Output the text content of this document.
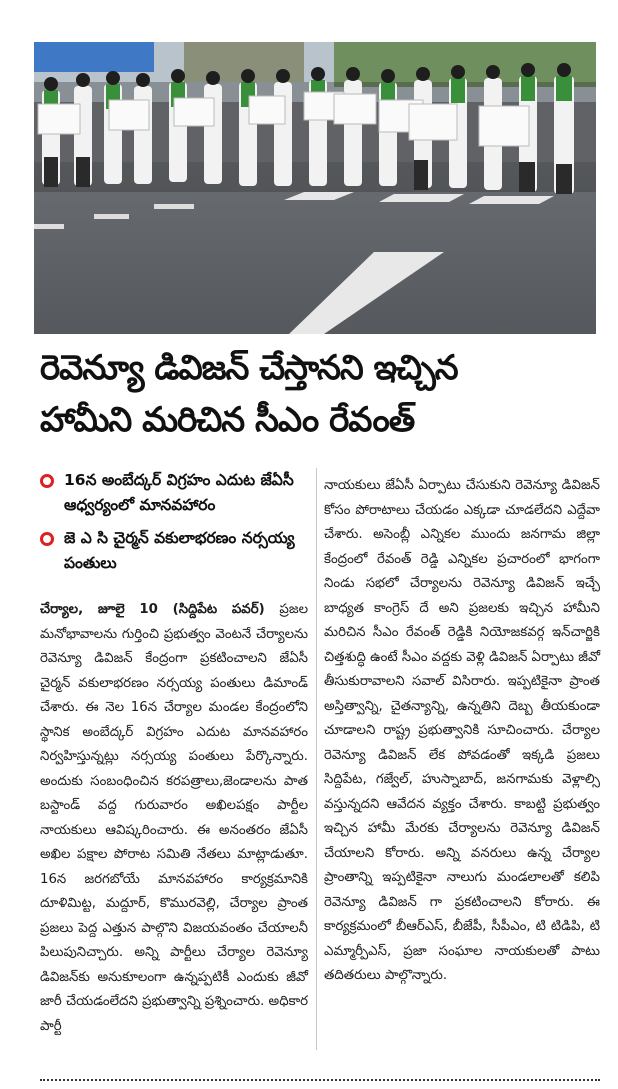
రెవెన్యూ డివిజన్ చేస్తానని ఇచ్చిన
హామీని మరిచిన సీఎం రేవంత్
16న అంబేద్కర్ విగ్రహం ఎదుట జేఏసీ ఆధ్వర్యంలో మానవహారం
జె ఎ సి చైర్మన్ వకులాభరణం నర్సయ్య పంతులు
చేర్యాల, జూలై 10 (సిద్దిపేట పవర్) ప్రజల మనోభావాలను గుర్తించి ప్రభుత్వం వెంటనే చేర్యాలను రెవెన్యూ డివిజన్ కేంద్రంగా ప్రకటించాలని జేఏసీ చైర్మన్ వకులాభరణం నర్సయ్య పంతులు డిమాండ్ చేశారు. ఈ నెల 16న చేర్యాల మండల కేంద్రంలోని స్థానిక అంబేద్కర్ విగ్రహం ఎదుట మానవహారం నిర్వహిస్తున్నట్లు నర్సయ్య పంతులు పేర్కొన్నారు. అందుకు సంబంధించిన కరపత్రాలు,జెండాలను పాత బస్టాండ్ వద్ద గురువారం అఖిలపక్షం పార్టీల నాయకులు ఆవిష్కరించారు. ఈ అనంతరం జేఏసీ అఖిల పక్షాల పోరాట సమితి నేతలు మాట్లాడుతూ. 16న జరగబోయే మానవహారం కార్యక్రమానికి దూళిమిట్ట, మద్దూర్, కొమురవెల్లి, చేర్యాల ప్రాంత ప్రజలు పెద్ద ఎత్తున పాల్గొని విజయవంతం చేయాలనీ పిలుపునిచ్చారు. అన్ని పార్టీలు చేర్యాల రెవెన్యూ డివిజన్‌కు అనుకూలంగా ఉన్నప్పటికీ ఎందుకు జీవో జారీ చేయడంలేదని ప్రభుత్వాన్ని ప్రశ్నించారు. అధికార పార్టీ
నాయకులు జేఏసీ ఏర్పాటు చేసుకుని రెవెన్యూ డివిజన్ కోసం పోరాటాలు చేయడం ఎక్కడా చూడలేదని ఎద్దేవా చేశారు. అసెంబ్లీ ఎన్నికల ముందు జనగామ జిల్లా కేంద్రంలో రేవంత్ రెడ్డి ఎన్నికల ప్రచారంలో భాగంగా నిండు సభలో చేర్యాలను రెవెన్యూ డివిజన్ ఇచ్చే బాధ్యత కాంగ్రెస్ దే అని ప్రజలకు ఇచ్చిన హామీని మరిచిన సీఎం రేవంత్ రెడ్డికి నియోజకవర్గ ఇన్‌చార్జికి చిత్తశుద్ధి ఉంటే సీఎం వద్దకు వెళ్లి డివిజన్ ఏర్పాటు జీవో తీసుకురావాలని సవాల్ విసిరారు. ఇప్పటికైనా ప్రాంత అస్తిత్వాన్ని, చైతన్యాన్ని, ఉన్నతిని దెబ్బ తీయకుండా చూడాలని రాష్ట్ర ప్రభుత్వానికి సూచించారు. చేర్యాల రెవెన్యూ డివిజన్ లేక పోవడంతో ఇక్కడి ప్రజలు సిద్దిపేట, గజ్వేల్, హుస్నాబాద్, జనగామకు వెళ్లాల్సి వస్తున్నదని ఆవేదన వ్యక్తం చేశారు. కాబట్టి ప్రభుత్వం ఇచ్చిన హామీ మేరకు చేర్యాలను రెవెన్యూ డివిజన్ చేయాలని కోరారు. అన్ని వనరులు ఉన్న చేర్యాల ప్రాంతాన్ని ఇప్పటికైనా నాలుగు మండలాలతో కలిపి రెవెన్యూ డివిజన్ గా ప్రకటించాలని కోరారు. ఈ కార్యక్రమంలో బీఆర్ఎస్, బీజేపీ, సీపీఎం, టి టిడిపి, టి ఎమ్మార్పీఎస్, ప్రజా సంఘాల నాయకులతో పాటు తదితరులు పాల్గొన్నారు.
